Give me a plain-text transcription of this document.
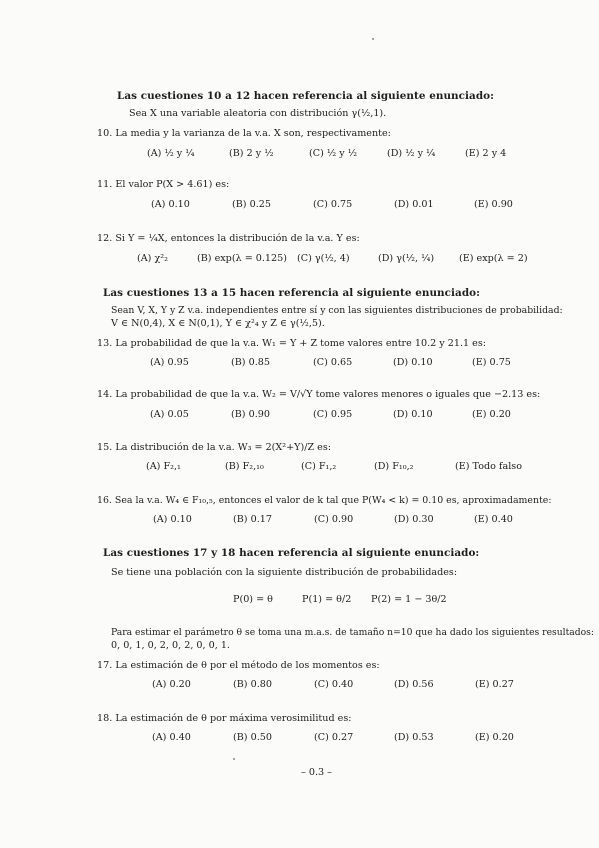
Las cuestiones 10 a 12 hacen referencia al siguiente enunciado:
Sea X una variable aleatoria con distribución γ(½,1).
10. La media y la varianza de la v.a. X son, respectivamente:
(A) ½ y ¼	(B) 2 y ½	(C) ½ y ½	(D) ½ y ¼	(E) 2 y 4
11. El valor P(X > 4.61) es:
(A) 0.10	(B) 0.25	(C) 0.75	(D) 0.01	(E) 0.90
12. Si Y = ¼X, entonces la distribución de la v.a. Y es:
(A) χ²₂	(B) exp(λ = 0.125) (C) γ(½, 4)	(D) γ(½, ¼)	(E) exp(λ = 2)
Las cuestiones 13 a 15 hacen referencia al siguiente enunciado:
Sean V, X, Y y Z v.a. independientes entre sí y con las siguientes distribuciones de probabilidad:
V ∈ N(0,4), X ∈ N(0,1), Y ∈ χ²₄ y Z ∈ γ(½,5).
13. La probabilidad de que la v.a. W₁ = Y + Z tome valores entre 10.2 y 21.1 es:
(A) 0.95	(B) 0.85	(C) 0.65	(D) 0.10	(E) 0.75
14. La probabilidad de que la v.a. W₂ = V/√Y tome valores menores o iguales que −2.13 es:
(A) 0.05	(B) 0.90	(C) 0.95	(D) 0.10	(E) 0.20
15. La distribución de la v.a. W₃ = 2(X²+Y)/Z es:
(A) F₂,₁	(B) F₂,₁₀	(C) F₁,₂	(D) F₁₀,₂	(E) Todo falso
16. Sea la v.a. W₄ ∈ F₁₀,₅, entonces el valor de k tal que P(W₄ < k) = 0.10 es, aproximadamente:
(A) 0.10	(B) 0.17	(C) 0.90	(D) 0.30	(E) 0.40
Las cuestiones 17 y 18 hacen referencia al siguiente enunciado:
Se tiene una población con la siguiente distribución de probabilidades:
P(0) = θ	P(1) = θ/2 P(2) = 1 − 3θ/2
Para estimar el parámetro θ se toma una m.a.s. de tamaño n=10 que ha dado los siguientes resultados:
0, 0, 1, 0, 2, 0, 2, 0, 0, 1.
17. La estimación de θ por el método de los momentos es:
(A) 0.20	(B) 0.80	(C) 0.40	(D) 0.56	(E) 0.27
18. La estimación de θ por máxima verosimilitud es:
(A) 0.40	(B) 0.50	(C) 0.27	(D) 0.53	(E) 0.20
– 0.3 –
